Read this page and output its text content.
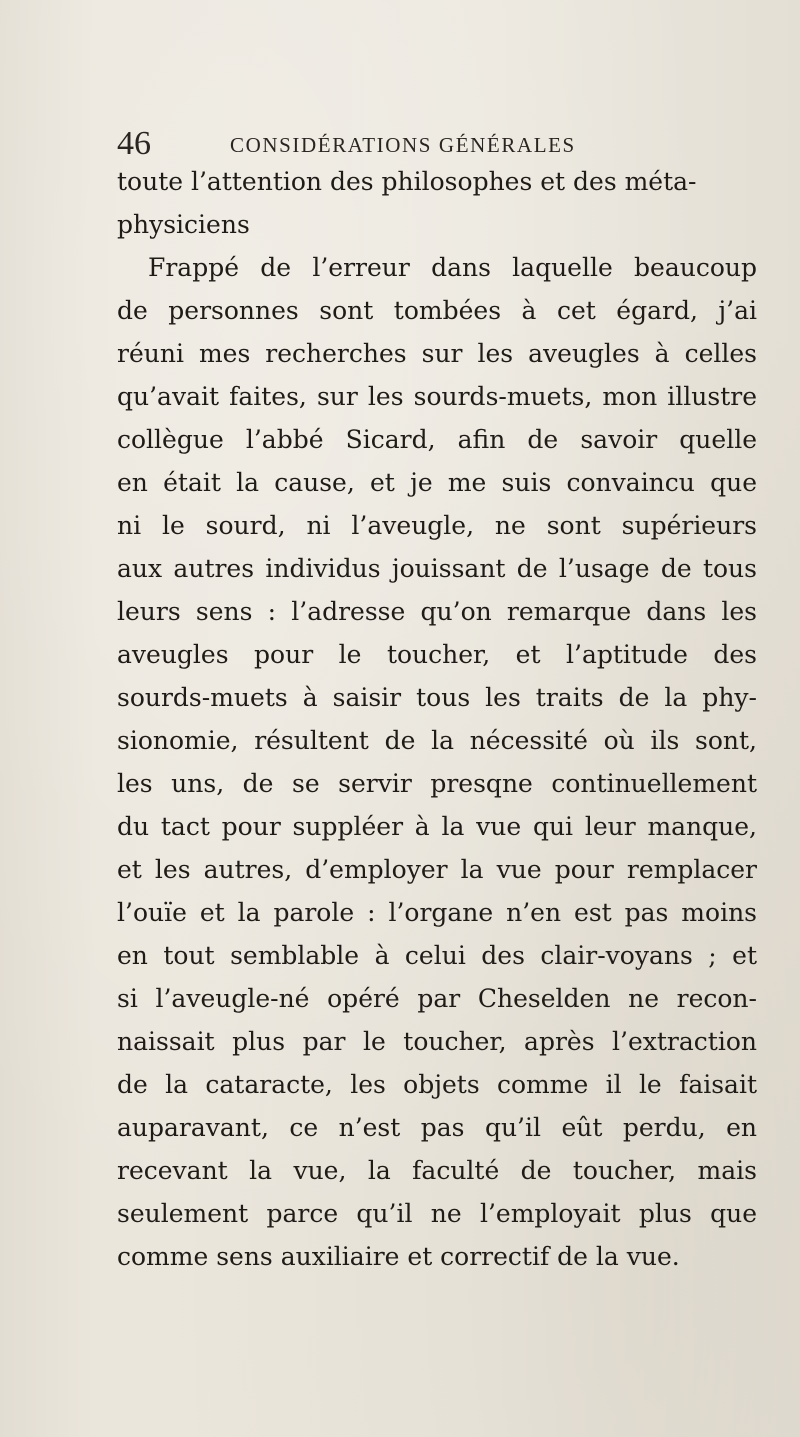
46	CONSIDÉRATIONS GÉNÉRALES
toute l’attention des philosophes et des méta-
physiciens
Frappé de l’erreur dans laquelle beaucoup
de personnes sont tombées à cet égard, j’ai
réuni mes recherches sur les aveugles à celles
qu’avait faites, sur les sourds-muets, mon illustre
collègue l’abbé Sicard, afin de savoir quelle
en était la cause, et je me suis convaincu que
ni le sourd, ni l’aveugle, ne sont supérieurs
aux autres individus jouissant de l’usage de tous
leurs sens : l’adresse qu’on remarque dans les
aveugles pour le toucher, et l’aptitude des
sourds-muets à saisir tous les traits de la phy-
sionomie, résultent de la nécessité où ils sont,
les uns, de se servir presqne continuellement
du tact pour suppléer à la vue qui leur manque,
et les autres, d’employer la vue pour remplacer
l’ouïe et la parole : l’organe n’en est pas moins
en tout semblable à celui des clair-voyans ; et
si l’aveugle-né opéré par Cheselden ne recon-
naissait plus par le toucher, après l’extraction
de la cataracte, les objets comme il le faisait
auparavant, ce n’est pas qu’il eût perdu, en
recevant la vue, la faculté de toucher, mais
seulement parce qu’il ne l’employait plus que
comme sens auxiliaire et correctif de la vue.
